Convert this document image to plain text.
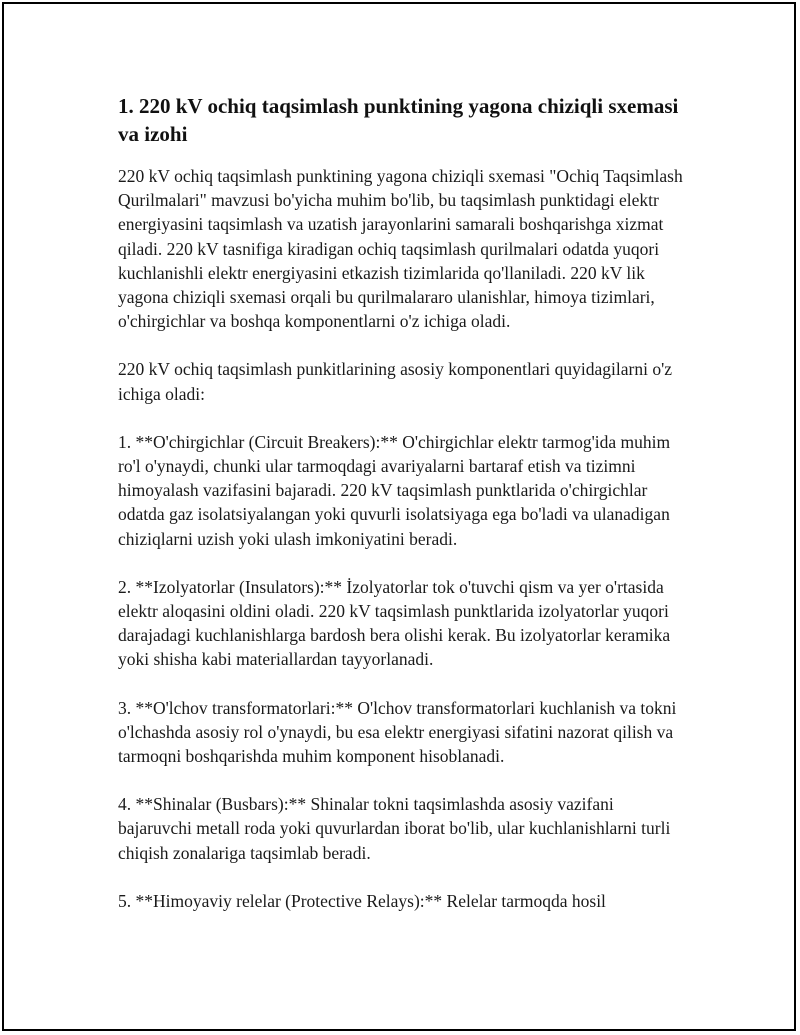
1. 220 kV ochiq taqsimlash punktining yagona chiziqli sxemasi va izohi

220 kV ochiq taqsimlash punktining yagona chiziqli sxemasi "Ochiq Taqsimlash Qurilmalari" mavzusi bo'yicha muhim bo'lib, bu taqsimlash punktidagi elektr energiyasini taqsimlash va uzatish jarayonlarini samarali boshqarishga xizmat qiladi. 220 kV tasnifiga kiradigan ochiq taqsimlash qurilmalari odatda yuqori kuchlanishli elektr energiyasini etkazish tizimlarida qo'llaniladi. 220 kV lik yagona chiziqli sxemasi orqali bu qurilmalararo ulanishlar, himoya tizimlari, o'chirgichlar va boshqa komponentlarni o'z ichiga oladi.

220 kV ochiq taqsimlash punkitlarining asosiy komponentlari quyidagilarni o'z ichiga oladi:

1. **O'chirgichlar (Circuit Breakers):** O'chirgichlar elektr tarmog'ida muhim ro'l o'ynaydi, chunki ular tarmoqdagi avariyalarni bartaraf etish va tizimni himoyalash vazifasini bajaradi. 220 kV taqsimlash punktlarida o'chirgichlar odatda gaz isolatsiyalangan yoki quvurli isolatsiyaga ega bo'ladi va ulanadigan chiziqlarni uzish yoki ulash imkoniyatini beradi.

2. **Izolyatorlar (Insulators):** İzolyatorlar tok o'tuvchi qism va yer o'rtasida elektr aloqasini oldini oladi. 220 kV taqsimlash punktlarida izolyatorlar yuqori darajadagi kuchlanishlarga bardosh bera olishi kerak. Bu izolyatorlar keramika yoki shisha kabi materiallardan tayyorlanadi.

3. **O'lchov transformatorlari:** O'lchov transformatorlari kuchlanish va tokni o'lchashda asosiy rol o'ynaydi, bu esa elektr energiyasi sifatini nazorat qilish va tarmoqni boshqarishda muhim komponent hisoblanadi.

4. **Shinalar (Busbars):** Shinalar tokni taqsimlashda asosiy vazifani bajaruvchi metall roda yoki quvurlardan iborat bo'lib, ular kuchlanishlarni turli chiqish zonalariga taqsimlab beradi.

5. **Himoyaviy relelar (Protective Relays):** Relelar tarmoqda hosil
